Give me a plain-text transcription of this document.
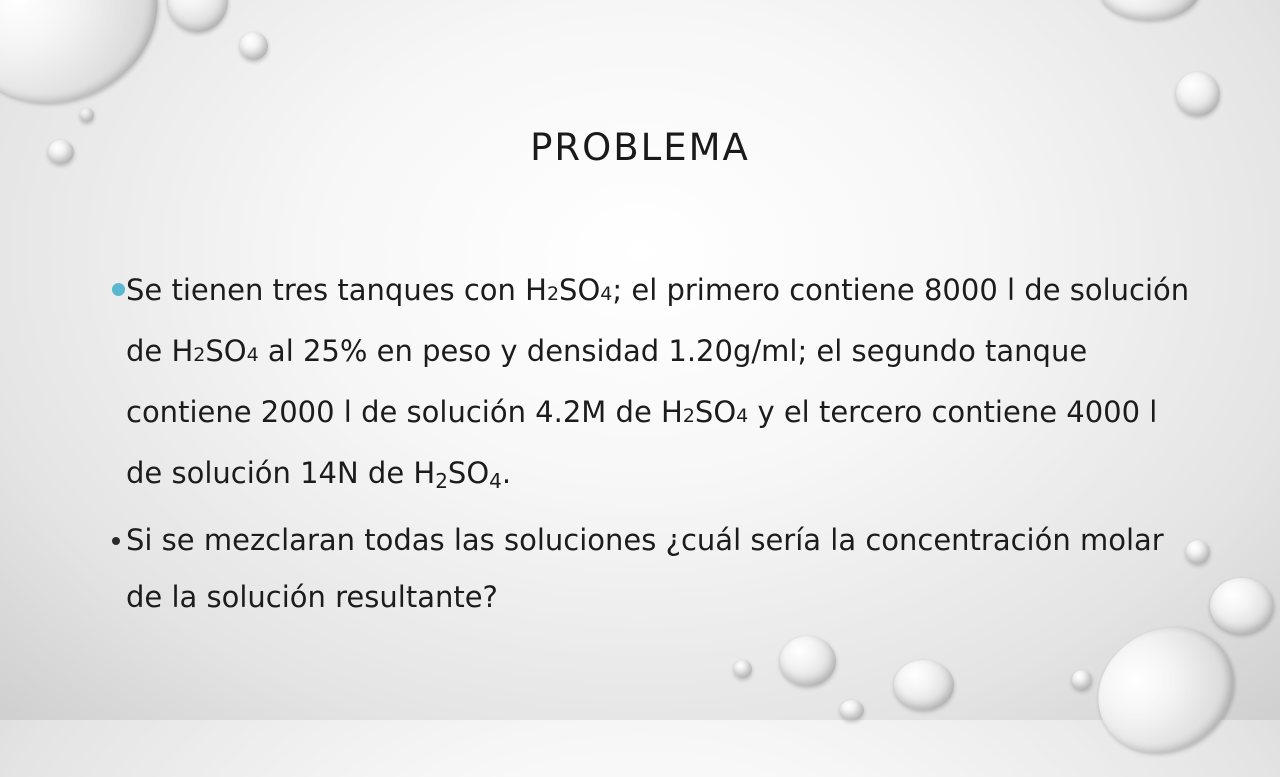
PROBLEMA

Se tienen tres tanques con H2SO4; el primero contiene 8000 l de solución de H2SO4 al 25% en peso y densidad 1.20g/ml; el segundo tanque contiene 2000 l de solución 4.2M de H2SO4 y el tercero contiene 4000 l de solución 14N de $H_2SO_4$.

Si se mezclaran todas las soluciones ¿cuál sería la concentración molar de la solución resultante?
